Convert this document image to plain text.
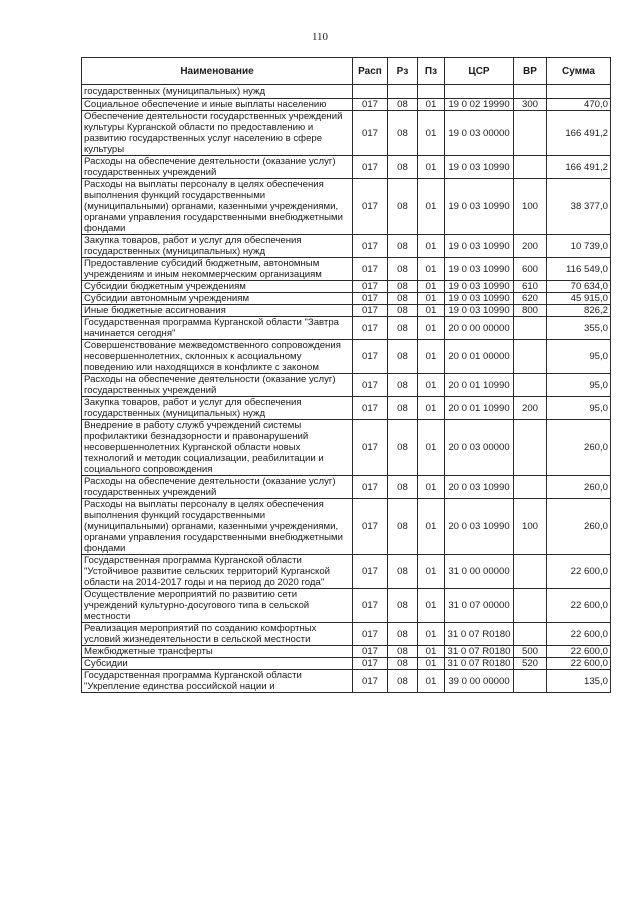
110
Наименование	Расп	Рз	Пз	ЦСР	ВР	Сумма
государственных (муниципальных) нужд						
Социальное обеспечение и иные выплаты населению	017	08	01	19 0 02 19990	300	470,0
Обеспечение деятельности государственных учреждений культуры Курганской области по предоставлению и развитию государственных услуг населению в сфере культуры	017	08	01	19 0 03 00000		166 491,2
Расходы на обеспечение деятельности (оказание услуг) государственных учреждений	017	08	01	19 0 03 10990		166 491,2
Расходы на выплаты персоналу в целях обеспечения выполнения функций государственными (муниципальными) органами, казенными учреждениями, органами управления государственными внебюджетными фондами	017	08	01	19 0 03 10990	100	38 377,0
Закупка товаров, работ и услуг для обеспечения государственных (муниципальных) нужд	017	08	01	19 0 03 10990	200	10 739,0
Предоставление субсидий бюджетным, автономным учреждениям и иным некоммерческим организациям	017	08	01	19 0 03 10990	600	116 549,0
Субсидии бюджетным учреждениям	017	08	01	19 0 03 10990	610	70 634,0
Субсидии автономным учреждениям	017	08	01	19 0 03 10990	620	45 915,0
Иные бюджетные ассигнования	017	08	01	19 0 03 10990	800	826,2
Государственная программа Курганской области "Завтра начинается сегодня"	017	08	01	20 0 00 00000		355,0
Совершенствование межведомственного сопровождения несовершеннолетних, склонных к асоциальному поведению или находящихся в конфликте с законом	017	08	01	20 0 01 00000		95,0
Расходы на обеспечение деятельности (оказание услуг) государственных учреждений	017	08	01	20 0 01 10990		95,0
Закупка товаров, работ и услуг для обеспечения государственных (муниципальных) нужд	017	08	01	20 0 01 10990	200	95,0
Внедрение в работу служб учреждений системы профилактики безнадзорности и правонарушений несовершеннолетних Курганской области новых технологий и методик социализации, реабилитации и социального сопровождения	017	08	01	20 0 03 00000		260,0
Расходы на обеспечение деятельности (оказание услуг) государственных учреждений	017	08	01	20 0 03 10990		260,0
Расходы на выплаты персоналу в целях обеспечения выполнения функций государственными (муниципальными) органами, казенными учреждениями, органами управления государственными внебюджетными фондами	017	08	01	20 0 03 10990	100	260,0
Государственная программа Курганской области "Устойчивое развитие сельских территорий Курганской области на 2014-2017 годы и на период до 2020 года"	017	08	01	31 0 00 00000		22 600,0
Осуществление мероприятий по развитию сети учреждений культурно-досугового типа в сельской местности	017	08	01	31 0 07 00000		22 600,0
Реализация мероприятий по созданию комфортных условий жизнедеятельности в сельской местности	017	08	01	31 0 07 R0180		22 600,0
Межбюджетные трансферты	017	08	01	31 0 07 R0180	500	22 600,0
Субсидии	017	08	01	31 0 07 R0180	520	22 600,0
Государственная программа Курганской области "Укрепление единства российской нации и	017	08	01	39 0 00 00000		135,0
